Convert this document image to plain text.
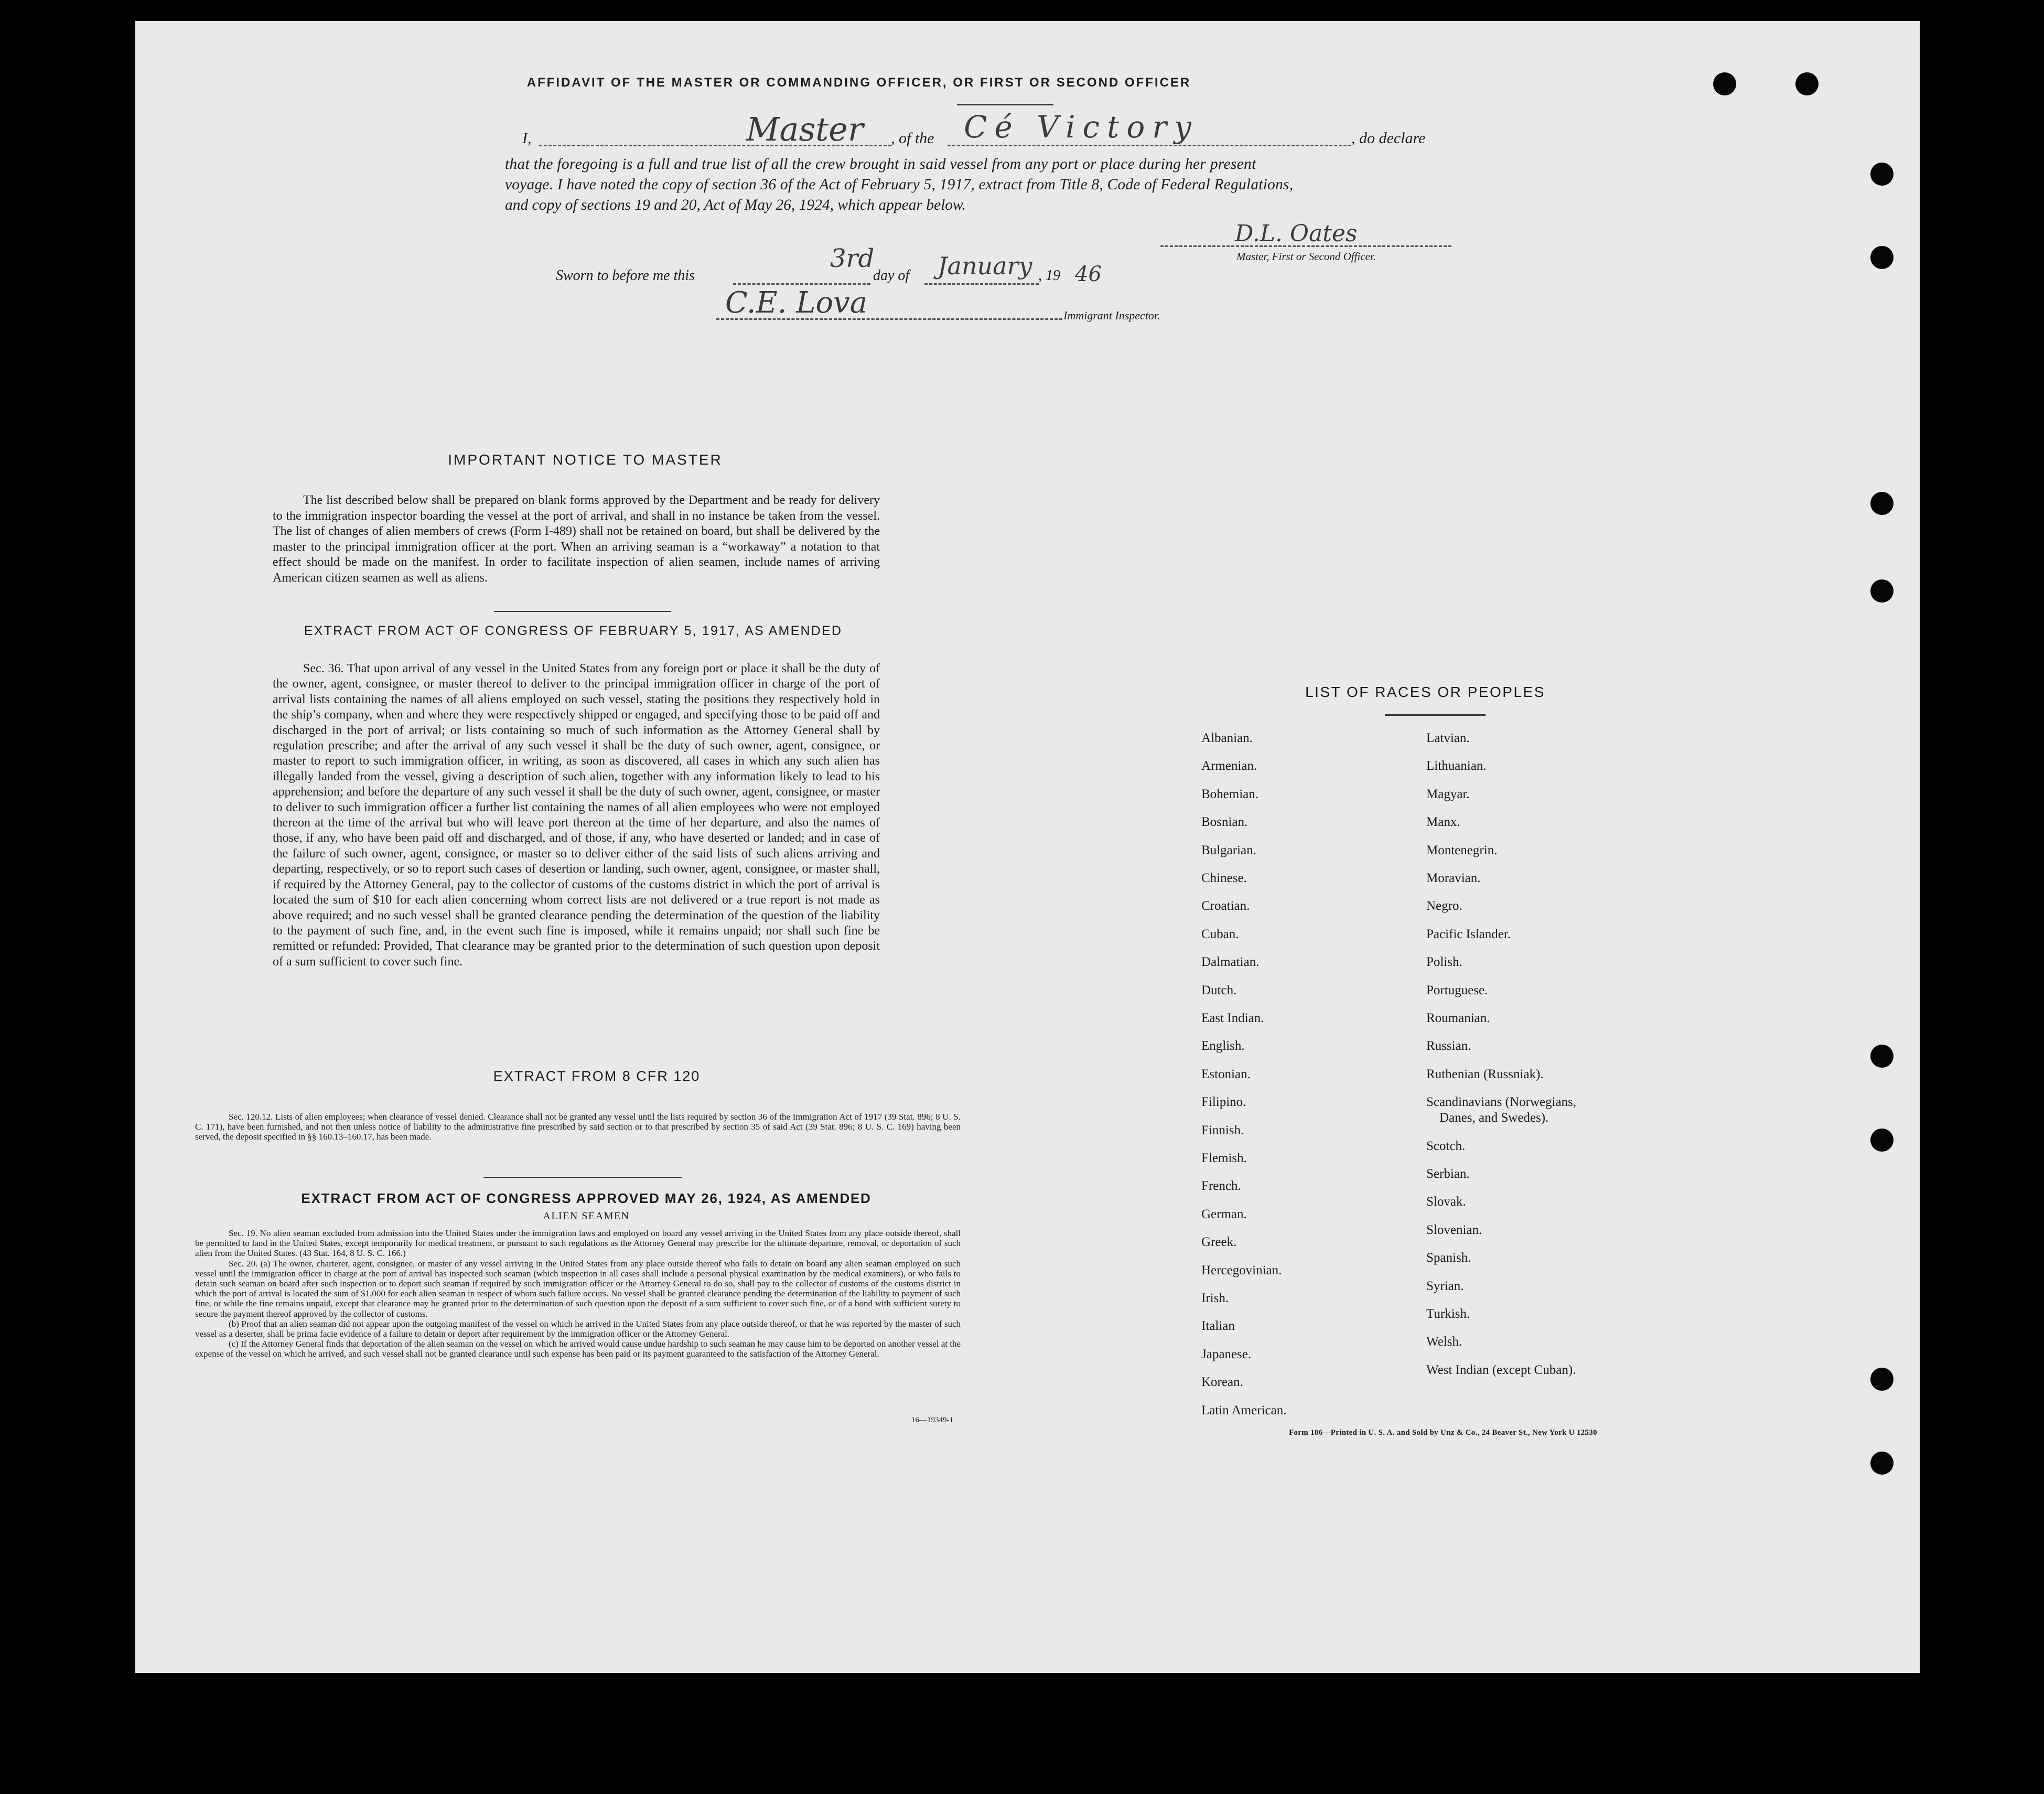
AFFIDAVIT OF THE MASTER OR COMMANDING OFFICER, OR FIRST OR SECOND OFFICER
I,	Master , of the Cé Victory	, do declare
that the foregoing is a full and true list of all the crew brought in said vessel from any port or place during her present
voyage. I have noted the copy of section 36 of the Act of February 5, 1917, extract from Title 8, Code of Federal Regulations,
and copy of sections 19 and 20, Act of May 26, 1924, which appear below.
D.L. Oates
Master, First or Second Officer.
Sworn to before me this
3rd
day of January , 19 46
C.E. Lova	Immigrant Inspector.
IMPORTANT NOTICE TO MASTER

The list described below shall be prepared on blank forms approved by the Department and be ready for delivery to the immigration inspector boarding the vessel at the port of arrival, and shall in no instance be taken from the vessel. The list of changes of alien members of crews (Form I-489) shall not be retained on board, but shall be delivered by the master to the principal immigration officer at the port. When an arriving seaman is a “workaway” a notation to that effect should be made on the manifest. In order to facilitate inspection of alien seamen, include names of arriving American citizen seamen as well as aliens.

EXTRACT FROM ACT OF CONGRESS OF FEBRUARY 5, 1917, AS AMENDED

Sec. 36. That upon arrival of any vessel in the United States from any foreign port or place it shall be the duty of the owner, agent, consignee, or master thereof to deliver to the principal immigration officer in charge of the port of arrival lists containing the names of all aliens employed on such vessel, stating the positions they respectively hold in the ship’s company, when and where they were respectively shipped or engaged, and specifying those to be paid off and discharged in the port of arrival; or lists containing so much of such information as the Attorney General shall by regulation prescribe; and after the arrival of any such vessel it shall be the duty of such owner, agent, consignee, or master to report to such immigration officer, in writing, as soon as discovered, all cases in which any such alien has illegally landed from the vessel, giving a description of such alien, together with any information likely to lead to his apprehension; and before the departure of any such vessel it shall be the duty of such owner, agent, consignee, or master to deliver to such immigration officer a further list containing the names of all alien employees who were not employed thereon at the time of the arrival but who will leave port thereon at the time of her departure, and also the names of those, if any, who have been paid off and discharged, and of those, if any, who have deserted or landed; and in case of the failure of such owner, agent, consignee, or master so to deliver either of the said lists of such aliens arriving and departing, respectively, or so to report such cases of desertion or landing, such owner, agent, consignee, or master shall, if required by the Attorney General, pay to the collector of customs of the customs district in which the port of arrival is located the sum of $10 for each alien concerning whom correct lists are not delivered or a true report is not made as above required; and no such vessel shall be granted clearance pending the determination of the question of the liability to the payment of such fine, and, in the event such fine is imposed, while it remains unpaid; nor shall such fine be remitted or refunded: Provided, That clearance may be granted prior to the determination of such question upon deposit of a sum sufficient to cover such fine.

EXTRACT FROM 8 CFR 120

Sec. 120.12. Lists of alien employees; when clearance of vessel denied. Clearance shall not be granted any vessel until the lists required by section 36 of the Immigration Act of 1917 (39 Stat. 896; 8 U. S. C. 171), have been furnished, and not then unless notice of liability to the administrative fine prescribed by said section or to that prescribed by section 35 of said Act (39 Stat. 896; 8 U. S. C. 169) having been served, the deposit specified in §§ 160.13–160.17, has been made.

EXTRACT FROM ACT OF CONGRESS APPROVED MAY 26, 1924, AS AMENDED
ALIEN SEAMEN

Sec. 19. No alien seaman excluded from admission into the United States under the immigration laws and employed on board any vessel arriving in the United States from any place outside thereof, shall be permitted to land in the United States, except temporarily for medical treatment, or pursuant to such regulations as the Attorney General may prescribe for the ultimate departure, removal, or deportation of such alien from the United States. (43 Stat. 164, 8 U. S. C. 166.)

Sec. 20. (a) The owner, charterer, agent, consignee, or master of any vessel arriving in the United States from any place outside thereof who fails to detain on board any alien seaman employed on such vessel until the immigration officer in charge at the port of arrival has inspected such seaman (which inspection in all cases shall include a personal physical examination by the medical examiners), or who fails to detain such seaman on board after such inspection or to deport such seaman if required by such immigration officer or the Attorney General to do so, shall pay to the collector of customs of the customs district in which the port of arrival is located the sum of $1,000 for each alien seaman in respect of whom such failure occurs. No vessel shall be granted clearance pending the determination of the liability to payment of such fine, or while the fine remains unpaid, except that clearance may be granted prior to the determination of such question upon the deposit of a sum sufficient to cover such fine, or of a bond with sufficient surety to secure the payment thereof approved by the collector of customs.

(b) Proof that an alien seaman did not appear upon the outgoing manifest of the vessel on which he arrived in the United States from any place outside thereof, or that he was reported by the master of such vessel as a deserter, shall be prima facie evidence of a failure to detain or deport after requirement by the immigration officer or the Attorney General.

(c) If the Attorney General finds that deportation of the alien seaman on the vessel on which he arrived would cause undue hardship to such seaman he may cause him to be deported on another vessel at the expense of the vessel on which he arrived, and such vessel shall not be granted clearance until such expense has been paid or its payment guaranteed to the satisfaction of the Attorney General.

16—19349-1
LIST OF RACES OR PEOPLES
Albanian.
Armenian.
Bohemian.
Bosnian.
Bulgarian.
Chinese.
Croatian.
Cuban.
Dalmatian.
Dutch.
East Indian.
English.
Estonian.
Filipino.
Finnish.
Flemish.
French.
German.
Greek.
Hercegovinian.
Irish.
Italian
Japanese.
Korean.
Latin American.
Latvian.
Lithuanian.
Magyar.
Manx.
Montenegrin.
Moravian.
Negro.
Pacific Islander.
Polish.
Portuguese.
Roumanian.
Russian.
Ruthenian (Russniak).
Scandinavians (Norwegians,
Danes, and Swedes).
Scotch.
Serbian.
Slovak.
Slovenian.
Spanish.
Syrian.
Turkish.
Welsh.
West Indian (except Cuban).
Form 186—Printed in U. S. A. and Sold by Unz & Co., 24 Beaver St., New York U 12530
